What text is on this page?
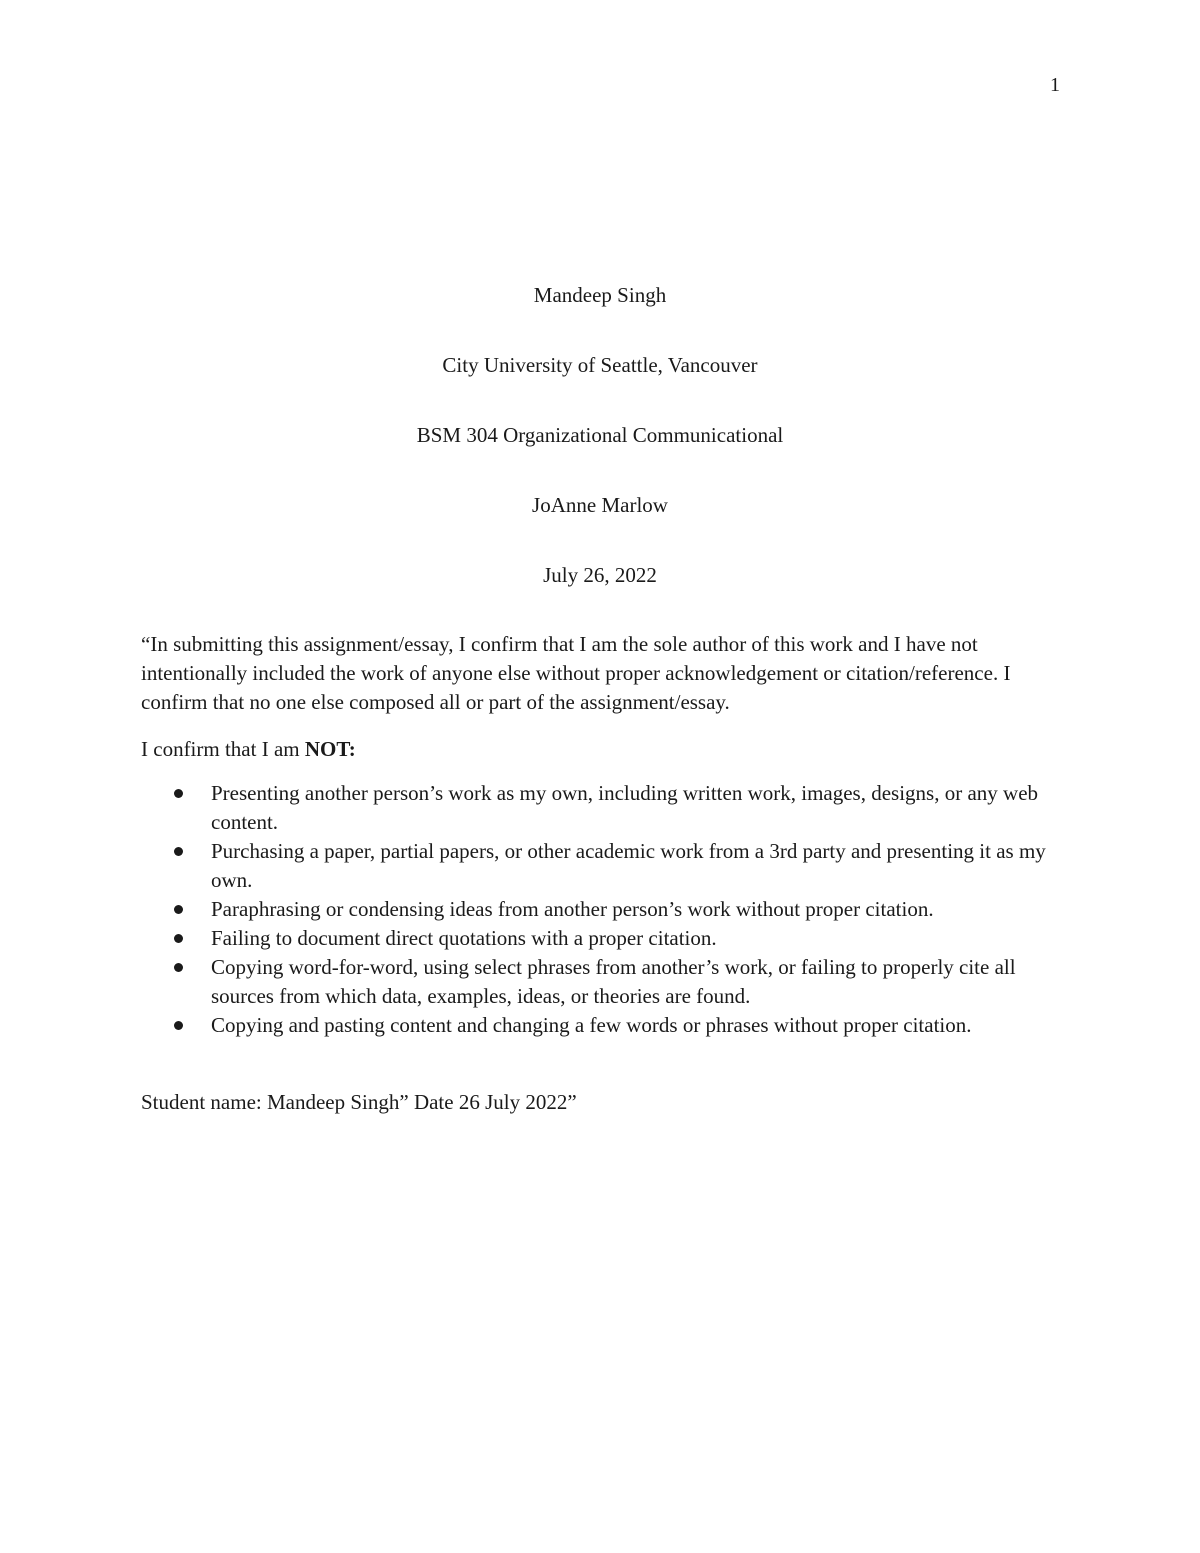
1
Mandeep Singh
City University of Seattle, Vancouver
BSM 304 Organizational Communicational
JoAnne Marlow
July 26, 2022

“In submitting this assignment/essay, I confirm that I am the sole author of this work and I have not intentionally included the work of anyone else without proper acknowledgement or citation/reference. I confirm that no one else composed all or part of the assignment/essay.

I confirm that I am NOT:

Presenting another person’s work as my own, including written work, images, designs, or any web content.
Purchasing a paper, partial papers, or other academic work from a 3rd party and presenting it as my own.
Paraphrasing or condensing ideas from another person’s work without proper citation.
Failing to document direct quotations with a proper citation.
Copying word-for-word, using select phrases from another’s work, or failing to properly cite all sources from which data, examples, ideas, or theories are found.
Copying and pasting content and changing a few words or phrases without proper citation.

Student name: Mandeep Singh” Date 26 July 2022”
